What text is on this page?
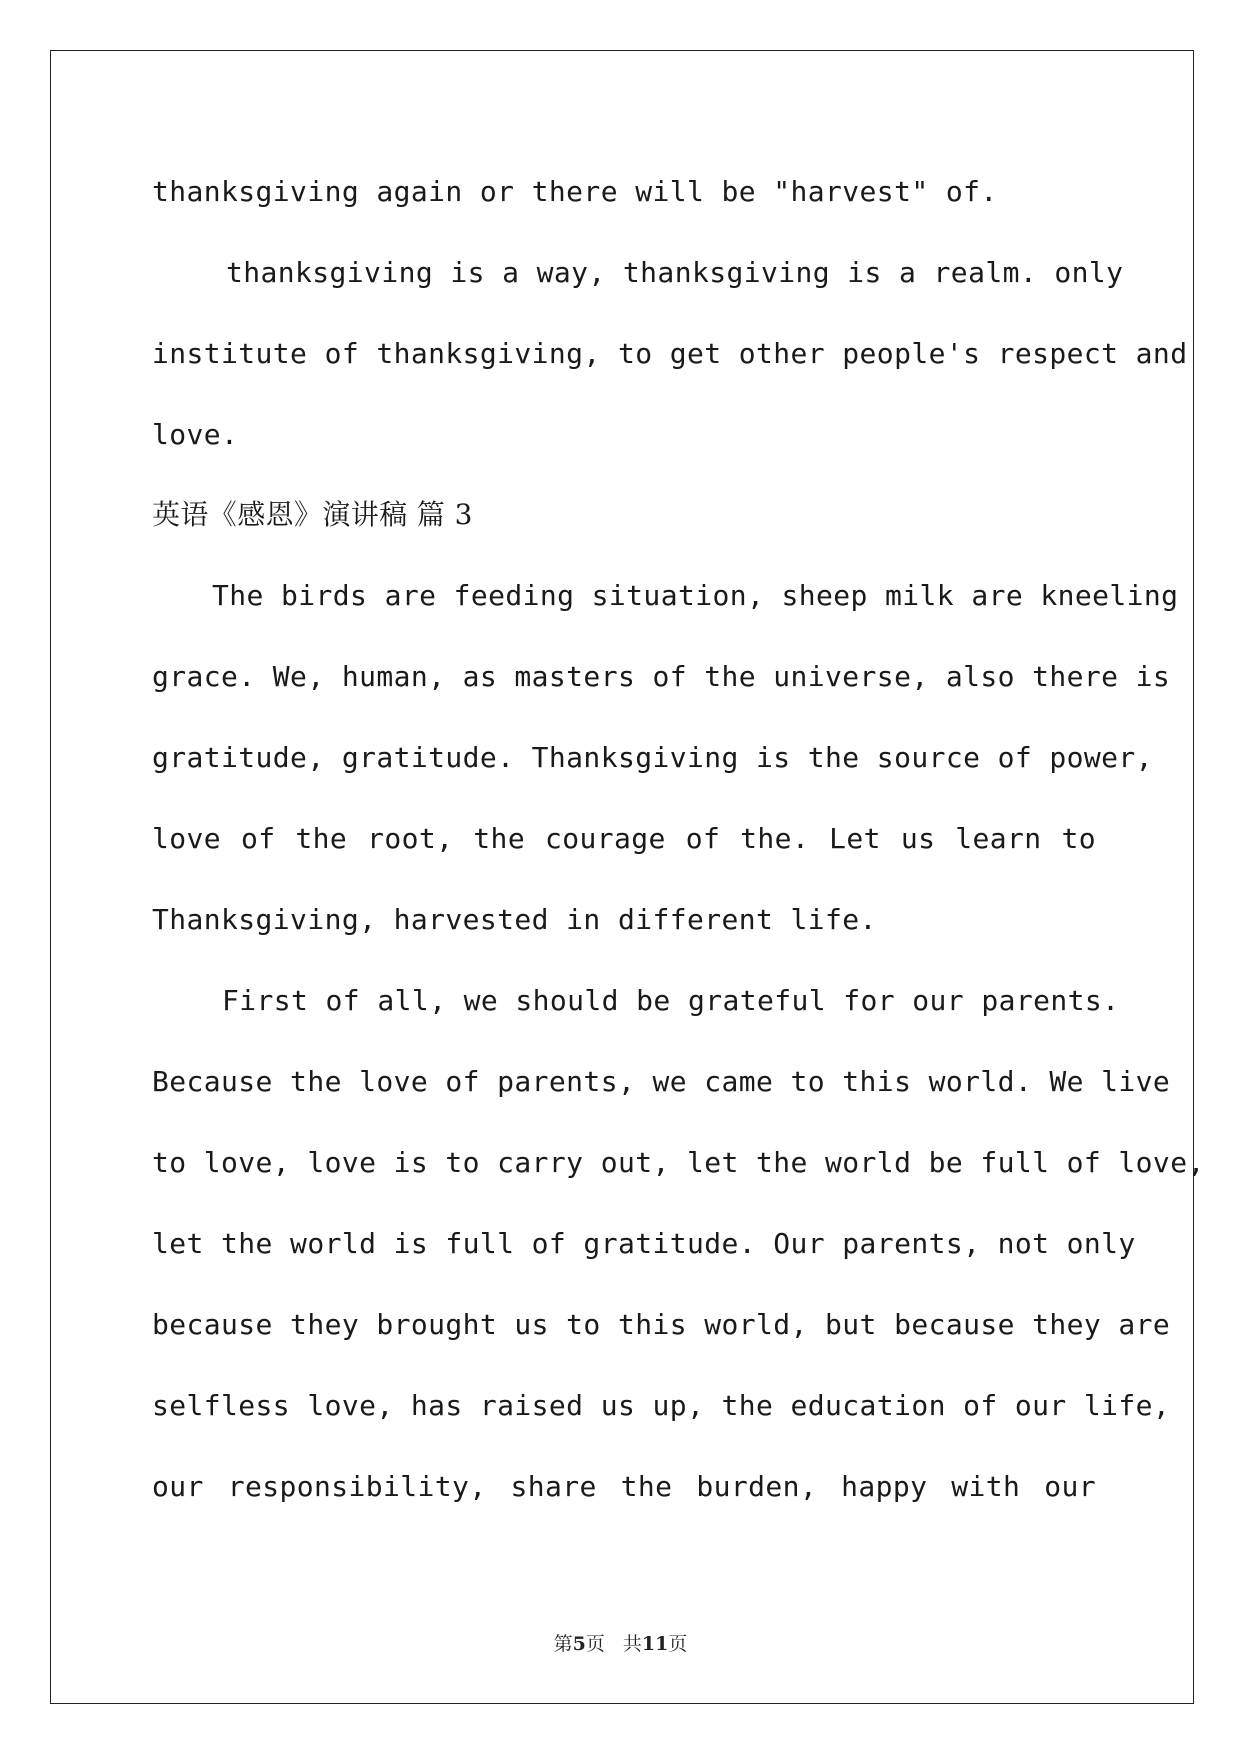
thanksgiving again or there will be "harvest" of.
thanksgiving is a way, thanksgiving is a realm. only
institute of thanksgiving, to get other people's respect and
love.
英语《感恩》演讲稿 篇 3
The birds are feeding situation, sheep milk are kneeling
grace. We, human, as masters of the universe, also there is
gratitude, gratitude. Thanksgiving is the source of power,
love of the root, the courage of the. Let us learn to
Thanksgiving, harvested in different life.
First of all, we should be grateful for our parents.
Because the love of parents, we came to this world. We live
to love, love is to carry out, let the world be full of love,
let the world is full of gratitude. Our parents, not only
because they brought us to this world, but because they are
selfless love, has raised us up, the education of our life,
our responsibility, share the burden, happy with our
第5页 共11页
